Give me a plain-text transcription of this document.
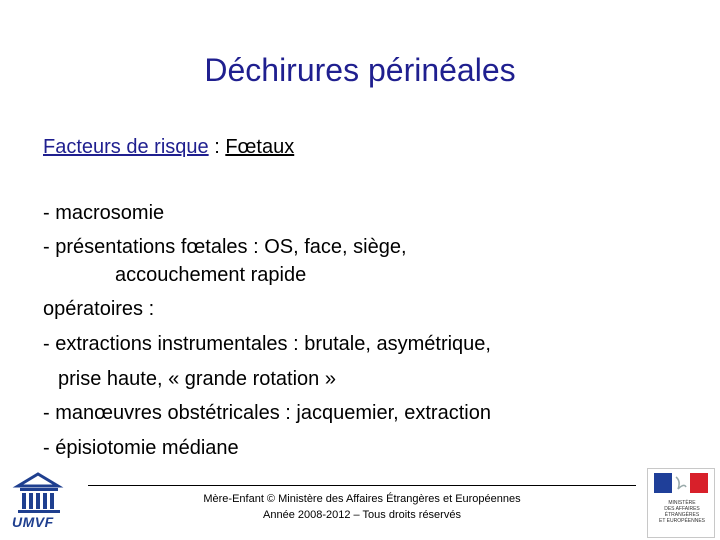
Déchirures périnéales
Facteurs de risque : Fœtaux
- macrosomie
- présentations fœtales : OS, face, siège,
accouchement rapide
opératoires :
- extractions instrumentales : brutale, asymétrique,
prise haute, « grande rotation »
- manœuvres obstétricales : jacquemier, extraction
- épisiotomie médiane
Mère-Enfant © Ministère des Affaires Étrangères et Européennes
Année 2008-2012 – Tous droits réservés
UMVF
MINISTÈRE
DES AFFAIRES ÉTRANGÈRES
ET EUROPÉENNES
